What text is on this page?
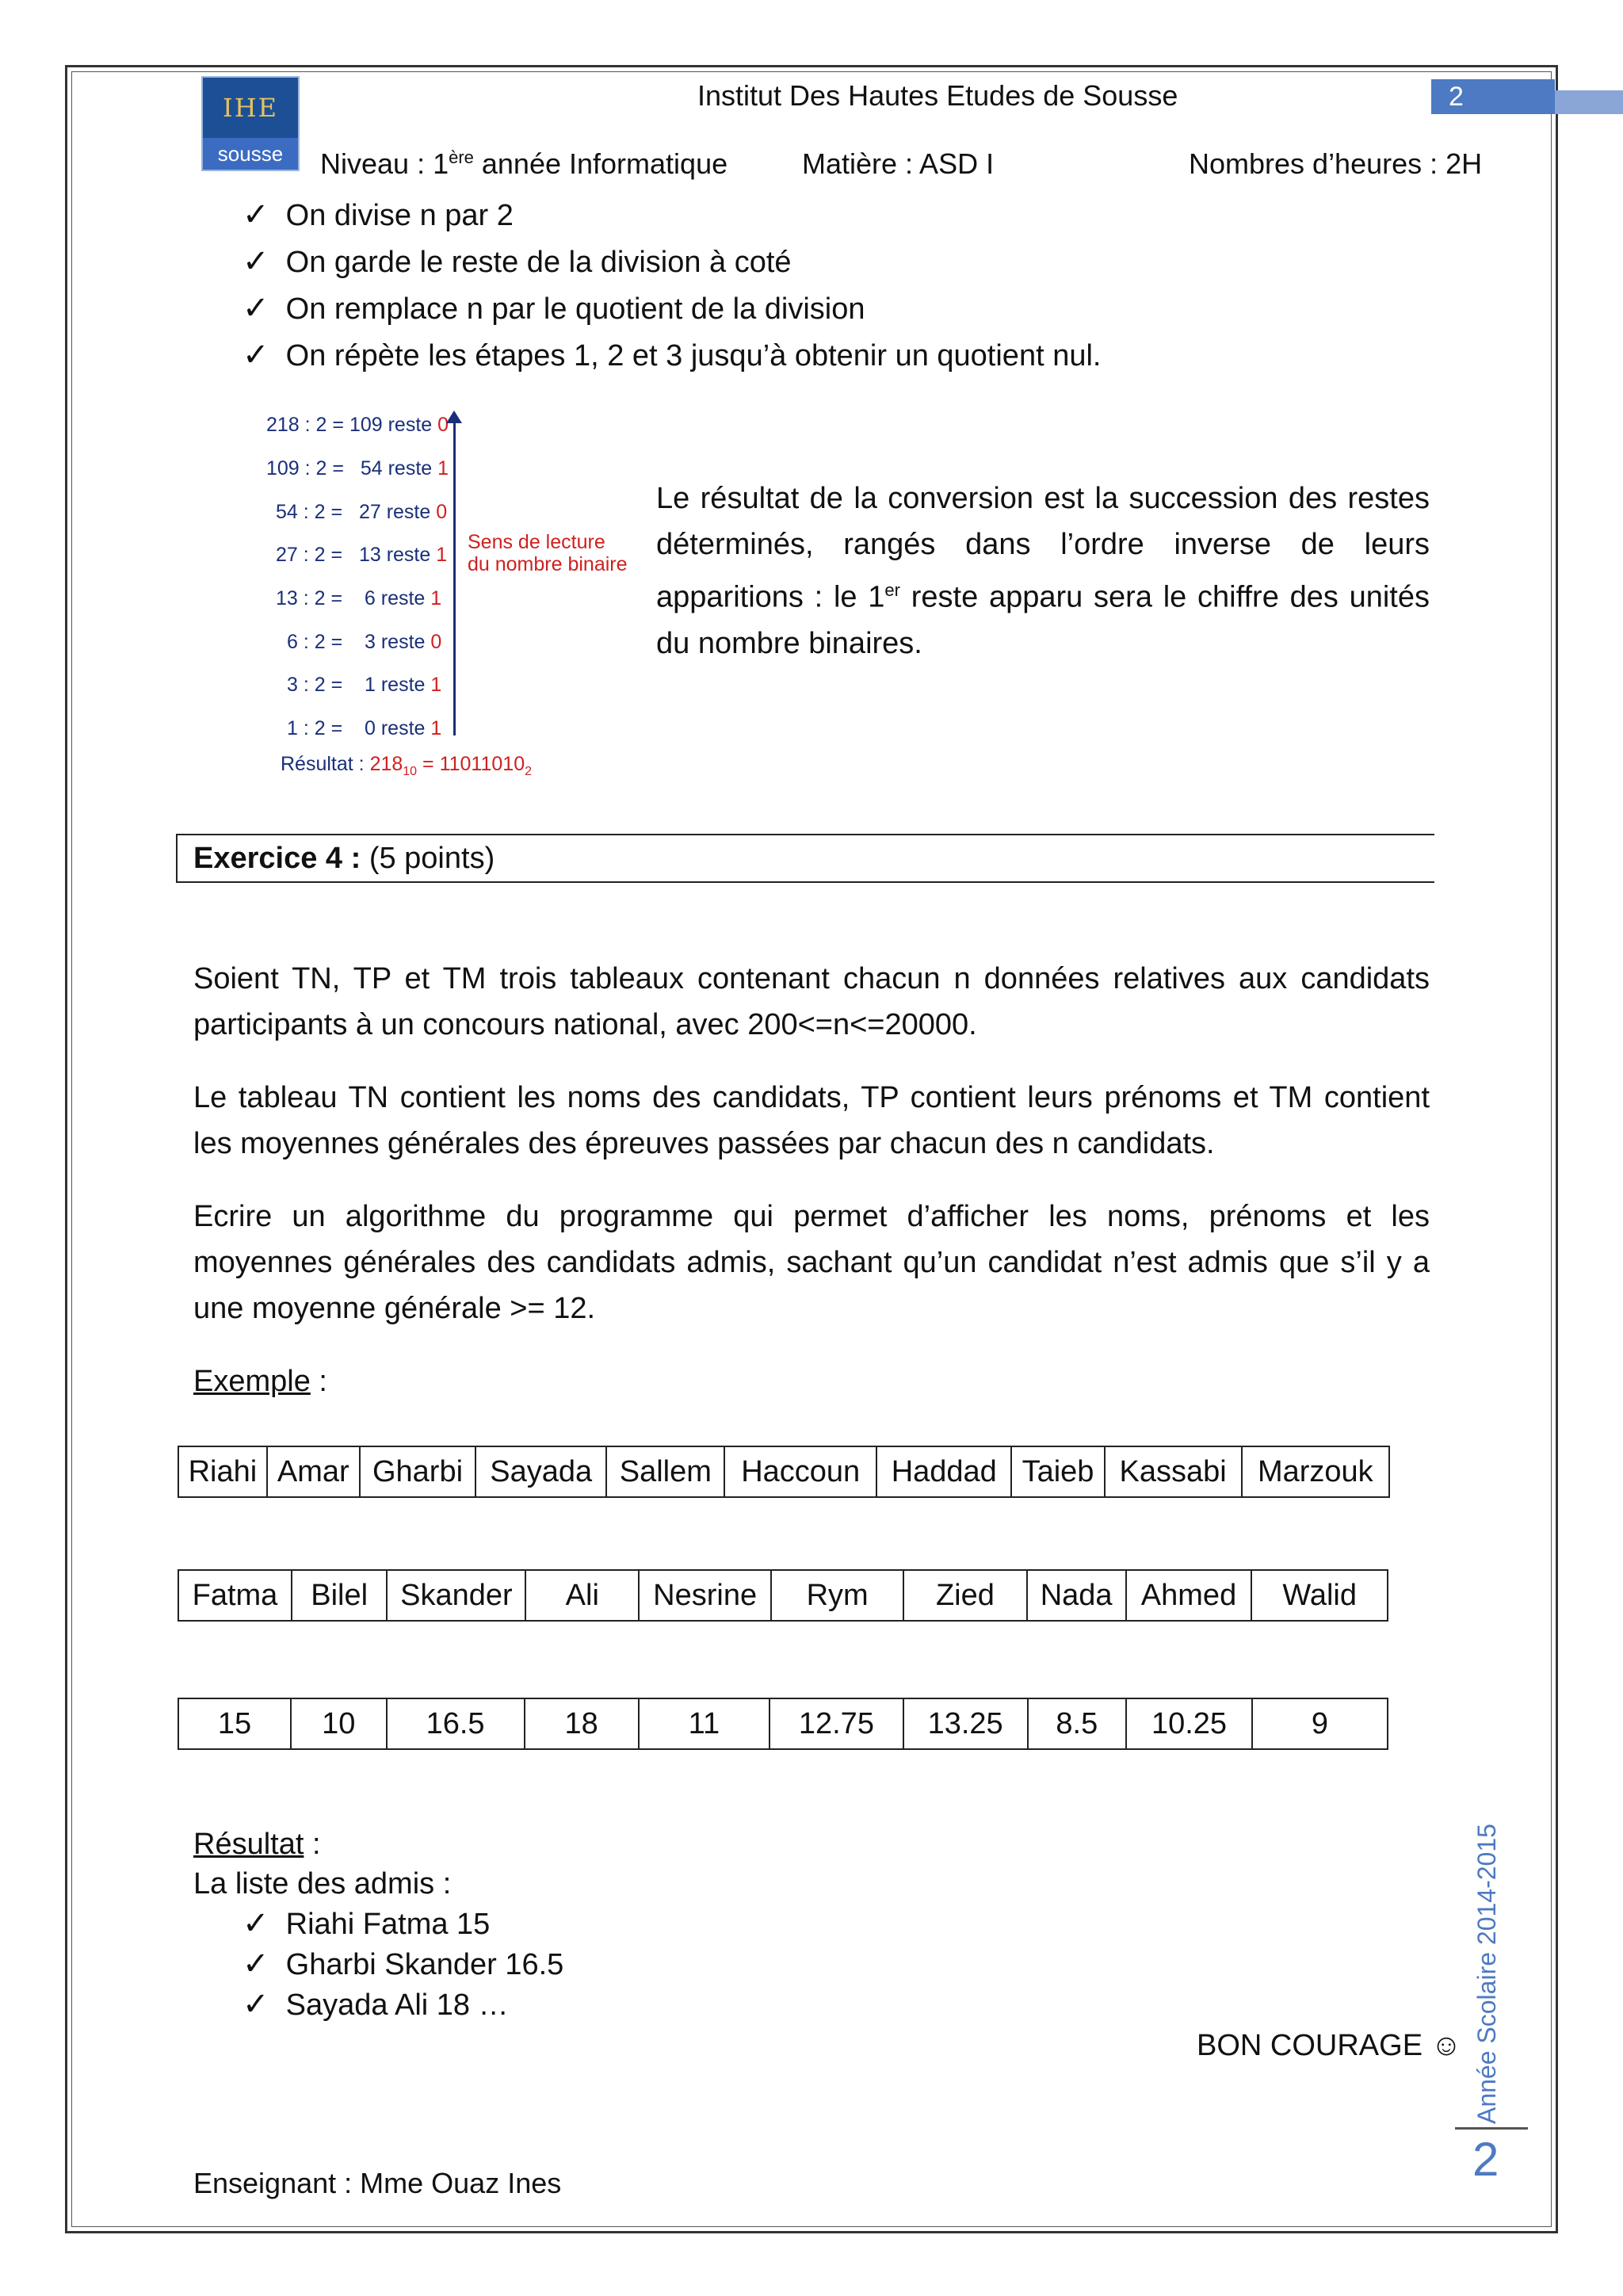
IHE
sousse
Institut Des Hautes Etudes de Sousse	2
Niveau : 1ère année Informatique	Matière : ASD I	Nombres d’heures : 2H
✓ On divise n par 2
✓ On garde le reste de la division à coté
✓ On remplace n par le quotient de la division
✓ On répète les étapes 1, 2 et 3 jusqu’à obtenir un quotient nul.
218 : 2 = 109 reste 0
109 : 2 = 54 reste 1
54 : 2 = 27 reste 0
27 : 2 = 13 reste 1
13 : 2 = 6 reste 1
6 : 2 = 3 reste 0
3 : 2 = 1 reste 1
1 : 2 = 0 reste 1
Sens de lecture
du nombre binaire
Résultat : $218_{10} = 11011010_2$
Le résultat de la conversion est la succession des restes déterminés, rangés dans l’ordre inverse de leurs apparitions : le 1er reste apparu sera le chiffre des unités du nombre binaires.
Exercice 4 : (5 points)
Soient TN, TP et TM trois tableaux contenant chacun n données relatives aux candidats participants à un concours national, avec 200<=n<=20000.
Le tableau TN contient les noms des candidats, TP contient leurs prénoms et TM contient les moyennes générales des épreuves passées par chacun des n candidats.
Ecrire un algorithme du programme qui permet d’afficher les noms, prénoms et les moyennes générales des candidats admis, sachant qu’un candidat n’est admis que s’il y a une moyenne générale >= 12.
Exemple :
Riahi	Amar	Gharbi	Sayada	Sallem	Haccoun	Haddad	Taieb	Kassabi	Marzouk
Fatma	Bilel	Skander	Ali	Nesrine	Rym	Zied	Nada	Ahmed	Walid
15	10	16.5	18	11	12.75	13.25	8.5	10.25	9
Résultat :
La liste des admis :
✓ Riahi Fatma 15
✓ Gharbi Skander 16.5
✓ Sayada Ali 18 …
BON COURAGE ☺
Enseignant : Mme Ouaz Ines
Année Scolaire 2014-2015
2
